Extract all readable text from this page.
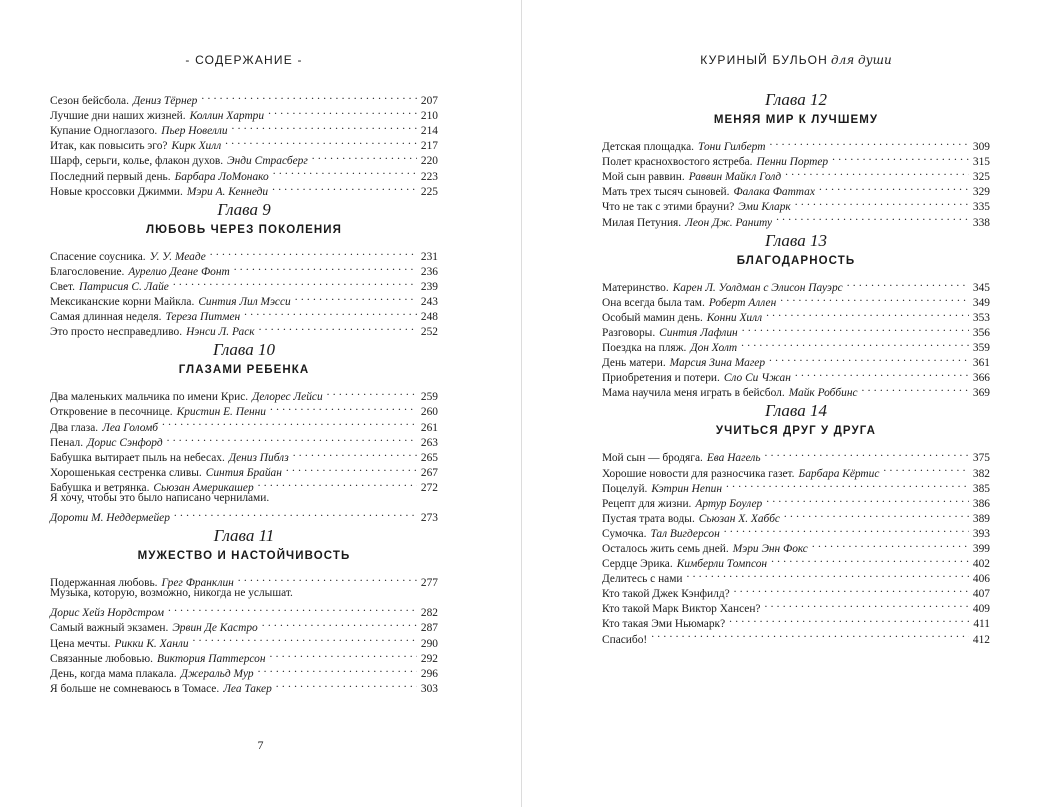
- СОДЕРЖАНИЕ -
Сезон бейсбола. Дениз Тёрнер . . .	207
Лучшие дни наших жизней. Коллин Хартри . . .	210
Купание Одноглазого. Пьер Новелли . . .	214
Итак, как повысить эго? Кирк Хилл . . .	217
Шарф, серьги, колье, флакон духов. Энди Страсберг . . .	220
Последний первый день. Барбара ЛоМонако . . .	223
Новые кроссовки Джимми. Мэри А. Кеннеди . . .	225
Глава 9
ЛЮБОВЬ ЧЕРЕЗ ПОКОЛЕНИЯ
Спасение соусника. У. У. Меаде . . .	231
Благословение. Аурелио Деане Фонт . . .	236
Свет. Патрисия С. Лайе . . .	239
Мексиканские корни Майкла. Синтия Лил Мэсси . . .	243
Самая длинная неделя. Тереза Питмен . . .	248
Это просто несправедливо. Нэнси Л. Раск . . .	252
Глава 10
ГЛАЗАМИ РЕБЕНКА
Два маленьких мальчика по имени Крис. Делорес Лейси . . .	259
Откровение в песочнице. Кристин Е. Пенни . . .	260
Два глаза. Леа Голомб . . .	261
Пенал. Дорис Сэнфорд . . .	263
Бабушка вытирает пыль на небесах. Дениз Пиблз . . .	265
Хорошенькая сестренка сливы. Синтия Брайан . . .	267
Бабушка и ветрянка. Сьюзан Америкашер . . .	272
Я хочу, чтобы это было написано чернилами.
Дороти М. Неддермейер . . .	273
Глава 11
МУЖЕСТВО И НАСТОЙЧИВОСТЬ
Подержанная любовь. Грег Франклин . . .	277
Музыка, которую, возможно, никогда не услышат.
Дорис Хейз Нордстром . . .	282
Самый важный экзамен. Эрвин Де Кастро . . .	287
Цена мечты. Рикки К. Ханли . . .	290
Связанные любовью. Виктория Паттерсон . . .	292
День, когда мама плакала. Джеральд Мур . . .	296
Я больше не сомневаюсь в Томасе. Леа Такер . . .	303
7
КУРИНЫЙ БУЛЬОН для души
Глава 12
МЕНЯЯ МИР К ЛУЧШЕМУ
Детская площадка. Тони Гилберт . . .	309
Полет краснохвостого ястреба. Пенни Портер . . .	315
Мой сын раввин. Раввин Майкл Голд . . .	325
Мать трех тысяч сыновей. Фалака Фаттах . . .	329
Что не так с этими брауни? Эми Кларк . . .	335
Милая Петуния. Леон Дж. Раниту . . .	338
Глава 13
БЛАГОДАРНОСТЬ
Материнство. Карен Л. Уолдман с Элисон Пауэрс . . .	345
Она всегда была там. Роберт Аллен . . .	349
Особый мамин день. Конни Хилл . . .	353
Разговоры. Синтия Лафлин . . .	356
Поездка на пляж. Дон Холт . . .	359
День матери. Марсия Зина Магер . . .	361
Приобретения и потери. Сло Си Чжан . . .	366
Мама научила меня играть в бейсбол. Майк Роббинс . . .	369
Глава 14
УЧИТЬСЯ ДРУГ У ДРУГА
Мой сын — бродяга. Ева Нагель . . .	375
Хорошие новости для разносчика газет. Барбара Кёртис . . .	382
Поцелуй. Кэтрин Непин . . .	385
Рецепт для жизни. Артур Боулер . . .	386
Пустая трата воды. Сьюзан Х. Хаббс . . .	389
Сумочка. Тал Вигдерсон . . .	393
Осталось жить семь дней. Мэри Энн Фокс . . .	399
Сердце Эрика. Кимберли Томпсон . . .	402
Делитесь с нами . . .	406
Кто такой Джек Кэнфилд? . . .	407
Кто такой Марк Виктор Хансен? . . .	409
Кто такая Эми Ньюмарк? . . .	411
Спасибо! . . .	412
